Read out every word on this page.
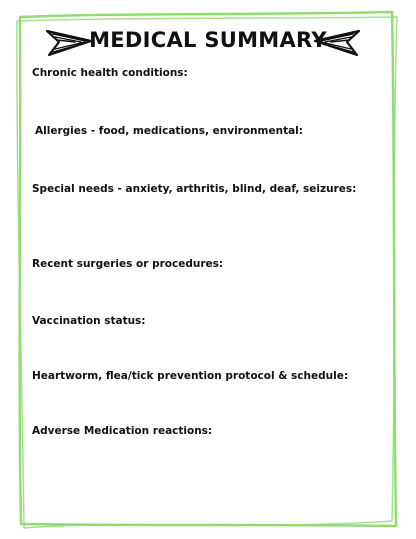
MEDICAL SUMMARY
Chronic health conditions:
Allergies - food, medications, environmental:
Special needs - anxiety, arthritis, blind, deaf, seizures:
Recent surgeries or procedures:
Vaccination status:
Heartworm, flea/tick prevention protocol & schedule:
Adverse Medication reactions:
